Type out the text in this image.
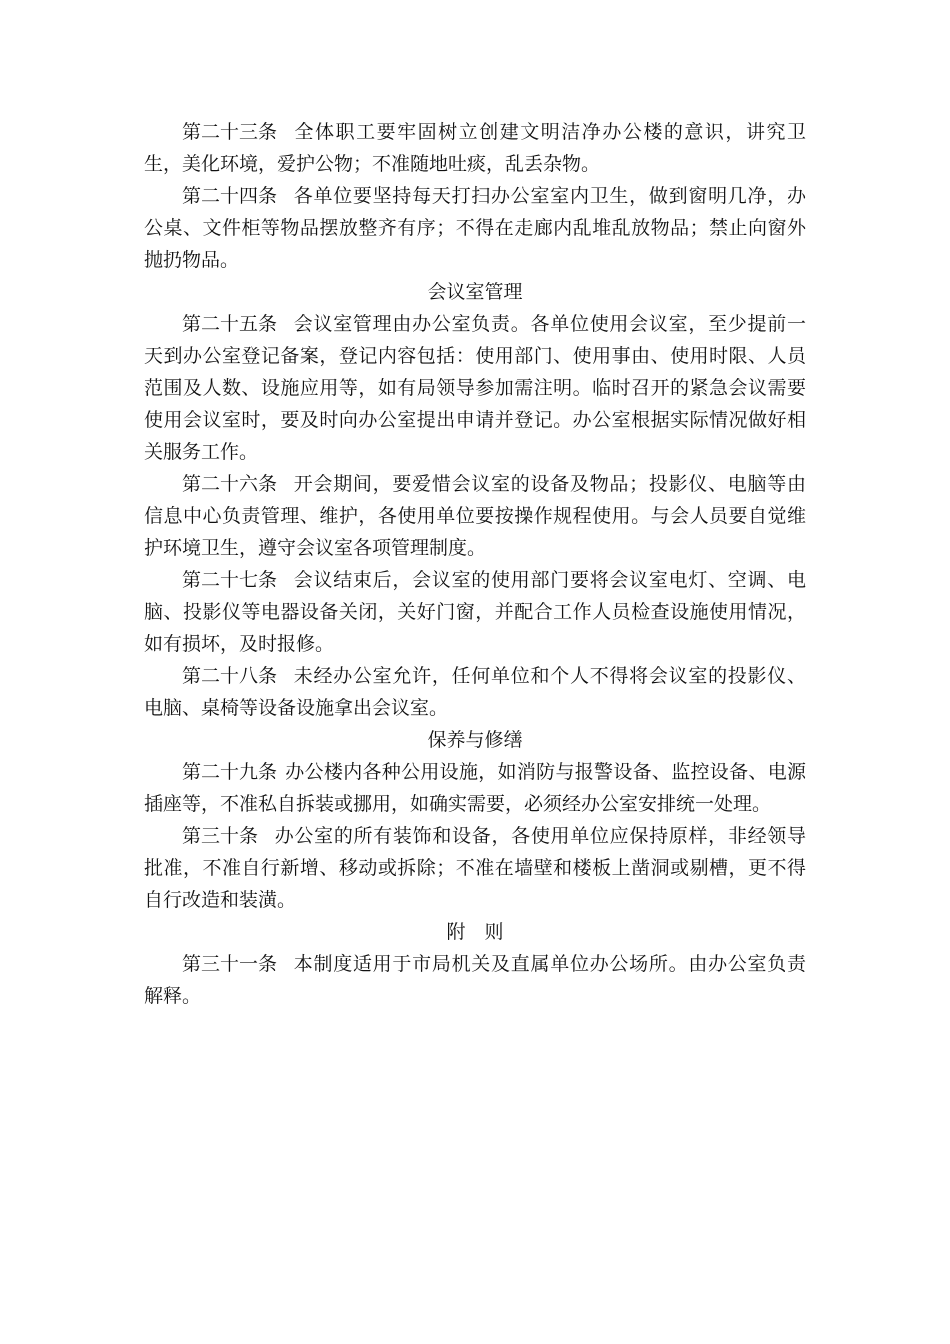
第二十三条 全体职工要牢固树立创建文明洁净办公楼的意识，讲究卫生，美化环境，爱护公物；不准随地吐痰，乱丢杂物。

第二十四条 各单位要坚持每天打扫办公室室内卫生，做到窗明几净，办公桌、文件柜等物品摆放整齐有序；不得在走廊内乱堆乱放物品；禁止向窗外抛扔物品。

会议室管理

第二十五条 会议室管理由办公室负责。各单位使用会议室，至少提前一天到办公室登记备案，登记内容包括：使用部门、使用事由、使用时限、人员范围及人数、设施应用等，如有局领导参加需注明。临时召开的紧急会议需要使用会议室时，要及时向办公室提出申请并登记。办公室根据实际情况做好相关服务工作。

第二十六条 开会期间，要爱惜会议室的设备及物品；投影仪、电脑等由信息中心负责管理、维护，各使用单位要按操作规程使用。与会人员要自觉维护环境卫生，遵守会议室各项管理制度。

第二十七条 会议结束后，会议室的使用部门要将会议室电灯、空调、电脑、投影仪等电器设备关闭，关好门窗，并配合工作人员检查设施使用情况，如有损坏，及时报修。

第二十八条 未经办公室允许，任何单位和个人不得将会议室的投影仪、电脑、桌椅等设备设施拿出会议室。

保养与修缮

第二十九条 办公楼内各种公用设施，如消防与报警设备、监控设备、电源插座等，不准私自拆装或挪用，如确实需要，必须经办公室安排统一处理。

第三十条 办公室的所有装饰和设备，各使用单位应保持原样，非经领导批准，不准自行新增、移动或拆除；不准在墙壁和楼板上凿洞或剔槽，更不得自行改造和装潢。

附　则

第三十一条 本制度适用于市局机关及直属单位办公场所。由办公室负责解释。
